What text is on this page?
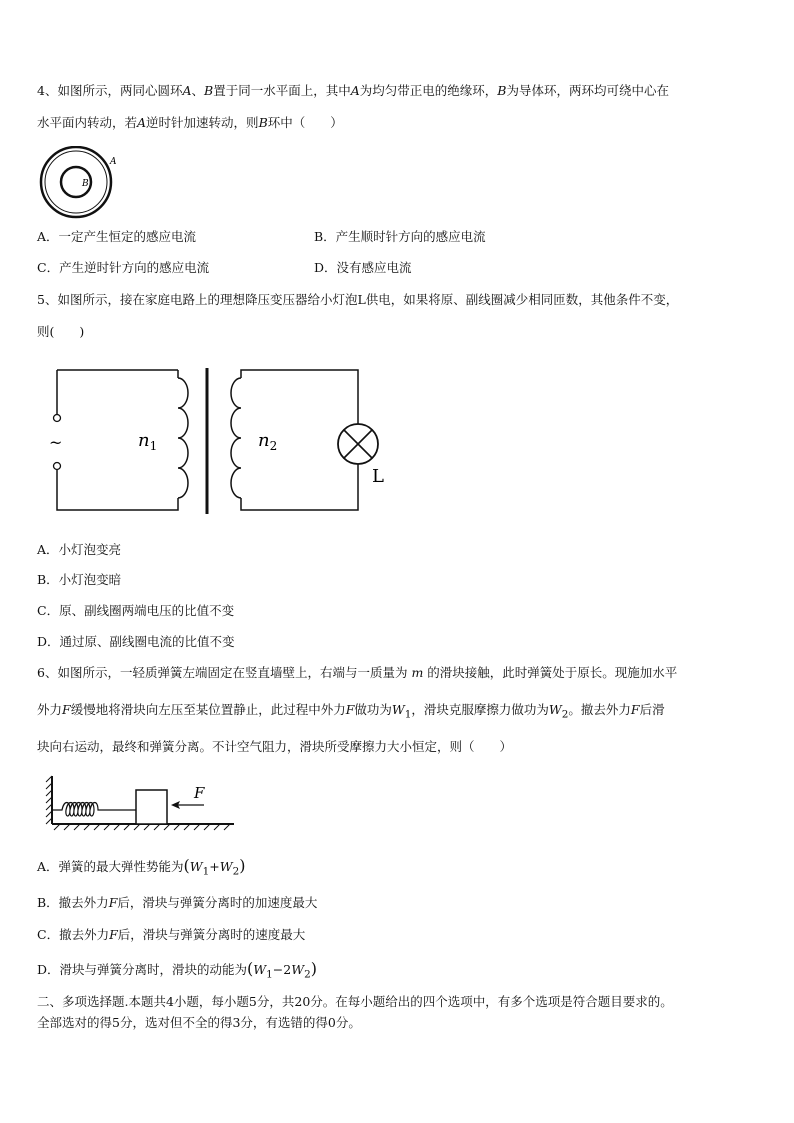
4、如图所示，两同心圆环A、B置于同一水平面上，其中A为均匀带正电的绝缘环，B为导体环，两环均可绕中心在
水平面内转动，若A逆时针加速转动，则B环中（　　）
A
B
A．一定产生恒定的感应电流	B．产生顺时针方向的感应电流
C．产生逆时针方向的感应电流	D．没有感应电流
5、如图所示，接在家庭电路上的理想降压变压器给小灯泡L供电，如果将原、副线圈减少相同匝数，其他条件不变，
则(　　)
~	$n_1$	$n_2$
L
A．小灯泡变亮
B．小灯泡变暗
C．原、副线圈两端电压的比值不变
D．通过原、副线圈电流的比值不变
6、如图所示，一轻质弹簧左端固定在竖直墙壁上，右端与一质量为 m 的滑块接触，此时弹簧处于原长。现施加水平
外力F缓慢地将滑块向左压至某位置静止，此过程中外力F做功为$W_1$，滑块克服摩擦力做功为$W_2$。撤去外力F后滑
块向右运动，最终和弹簧分离。不计空气阻力，滑块所受摩擦力大小恒定，则（　　）
F
A．弹簧的最大弹性势能为$(W_1+W_2)$
B．撤去外力F后，滑块与弹簧分离时的加速度最大
C．撤去外力F后，滑块与弹簧分离时的速度最大
D．滑块与弹簧分离时，滑块的动能为$(W_1-2W_2)$
二、多项选择题.本题共4小题，每小题5分，共20分。在每小题给出的四个选项中，有多个选项是符合题目要求的。
全部选对的得5分，选对但不全的得3分，有选错的得0分。
